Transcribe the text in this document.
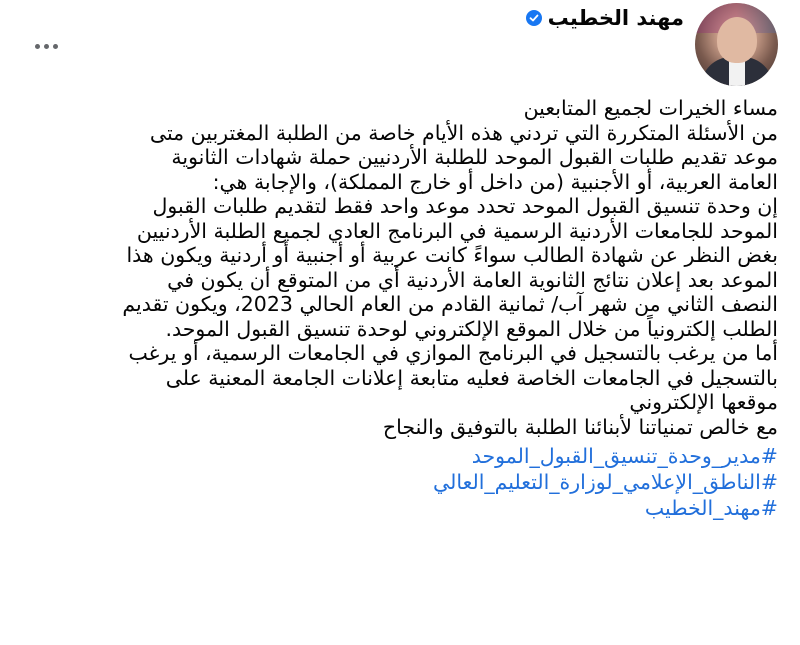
مهند الخطيب
مساء الخيرات لجميع المتابعين
من الأسئلة المتكررة التي تردني هذه الأيام خاصة من الطلبة المغتربين متى
موعد تقديم طلبات القبول الموحد للطلبة الأردنيين حملة شهادات الثانوية
العامة العربية، أو الأجنبية (من داخل أو خارج المملكة)، والإجابة هي:
إن وحدة تنسيق القبول الموحد تحدد موعد واحد فقط لتقديم طلبات القبول
الموحد للجامعات الأردنية الرسمية في البرنامج العادي لجميع الطلبة الأردنيين
بغض النظر عن شهادة الطالب سواءً كانت عربية أو أجنبية أو أردنية ويكون هذا
الموعد بعد إعلان نتائج الثانوية العامة الأردنية أي من المتوقع أن يكون في
النصف الثاني من شهر آب/ ثمانية القادم من العام الحالي 2023، ويكون تقديم
الطلب إلكترونياً من خلال الموقع الإلكتروني لوحدة تنسيق القبول الموحد.
أما من يرغب بالتسجيل في البرنامج الموازي في الجامعات الرسمية، أو يرغب
بالتسجيل في الجامعات الخاصة فعليه متابعة إعلانات الجامعة المعنية على
موقعها الإلكتروني
مع خالص تمنياتنا لأبنائنا الطلبة بالتوفيق والنجاح
#مدير_وحدة_تنسيق_القبول_الموحد
#الناطق_الإعلامي_لوزارة_التعليم_العالي
#مهند_الخطيب
